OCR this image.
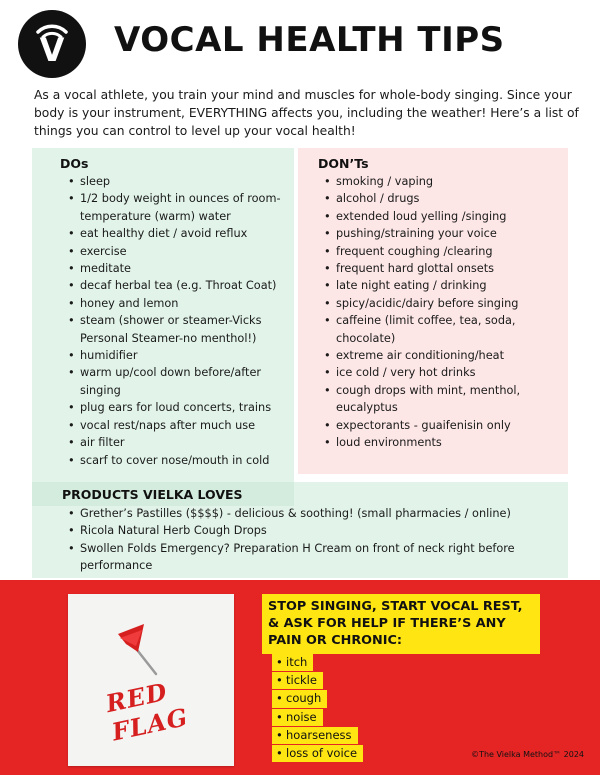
V	VOCAL HEALTH TIPS

As a vocal athlete, you train your mind and muscles for whole-body singing. Since your body is your instrument, EVERYTHING affects you, including the weather! Here’s a list of things you can control to level up your vocal health!

DOs
• sleep
• 1/2 body weight in ounces of room-temperature (warm) water
• eat healthy diet / avoid reflux
• exercise
• meditate
• decaf herbal tea (e.g. Throat Coat)
• honey and lemon
• steam (shower or steamer-Vicks Personal Steamer-no menthol!)
• humidifier
• warm up/cool down before/after singing
• plug ears for loud concerts, trains
• vocal rest/naps after much use
• air filter
• scarf to cover nose/mouth in cold
DON’Ts
• smoking / vaping
• alcohol / drugs
• extended loud yelling /singing
• pushing/straining your voice
• frequent coughing /clearing
• frequent hard glottal onsets
• late night eating / drinking
• spicy/acidic/dairy before singing
• caffeine (limit coffee, tea, soda, chocolate)
• extreme air conditioning/heat
• ice cold / very hot drinks
• cough drops with mint, menthol, eucalyptus
• expectorants - guaifenisin only
• loud environments
PRODUCTS VIELKA LOVES
• Grether’s Pastilles ($$$$) - delicious & soothing! (small pharmacies / online)
• Ricola Natural Herb Cough Drops
• Swollen Folds Emergency? Preparation H Cream on front of neck right before performance
RED FLAG
STOP SINGING, START VOCAL REST,
& ASK FOR HELP IF THERE’S ANY
PAIN OR CHRONIC:
• itch
• tickle
• cough
• noise
• hoarseness
• loss of voice	©The Vielka Method™ 2024
